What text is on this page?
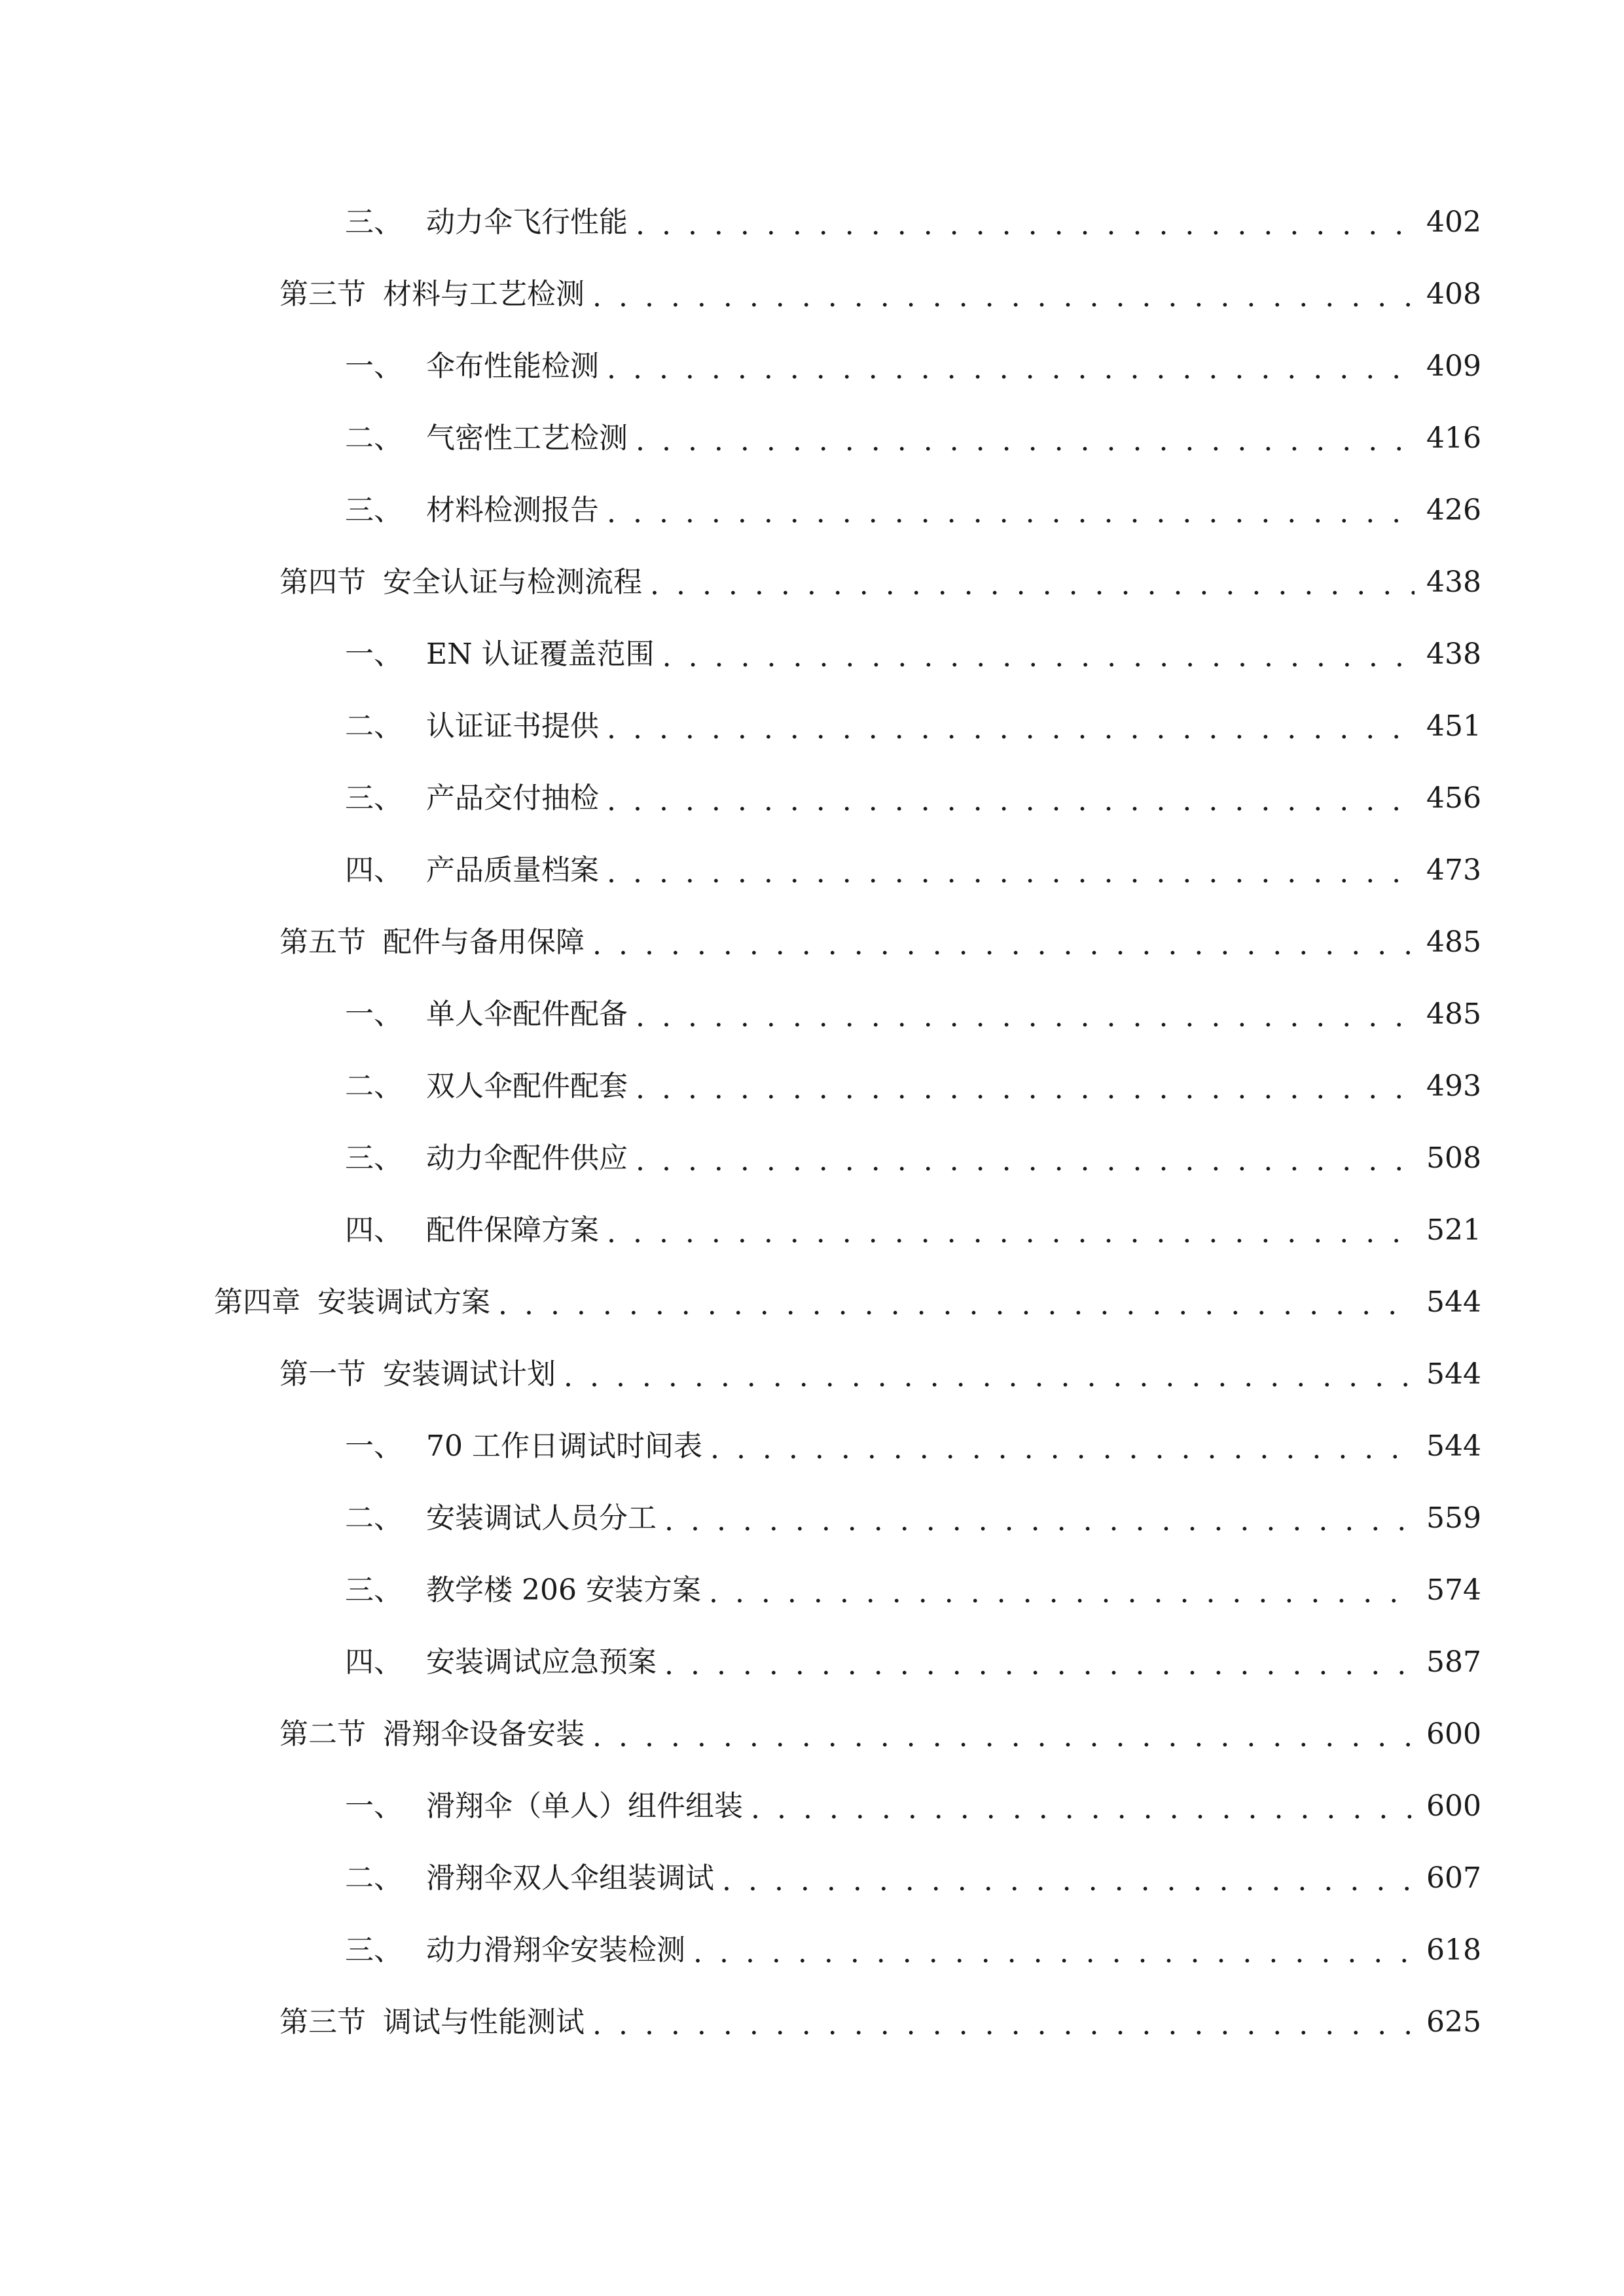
三、 动力伞飞行性能 . . .	402
第三节 材料与工艺检测 . . .	408
一、 伞布性能检测 . . .	409
二、 气密性工艺检测 . . .	416
三、 材料检测报告 . . .	426
第四节 安全认证与检测流程 . . .	438
一、 EN 认证覆盖范围 . . .	438
二、 认证证书提供 . . .	451
三、 产品交付抽检 . . .	456
四、 产品质量档案 . . .	473
第五节 配件与备用保障 . . .	485
一、 单人伞配件配备 . . .	485
二、 双人伞配件配套 . . .	493
三、 动力伞配件供应 . . .	508
四、 配件保障方案 . . .	521
第四章 安装调试方案 . . .	544
第一节 安装调试计划 . . .	544
一、 70 工作日调试时间表 . . .	544
二、 安装调试人员分工 . . .	559
三、 教学楼 206 安装方案 . . .	574
四、 安装调试应急预案 . . .	587
第二节 滑翔伞设备安装 . . .	600
一、 滑翔伞（单人）组件组装 . . .	600
二、 滑翔伞双人伞组装调试 . . .	607
三、 动力滑翔伞安装检测 . . .	618
第三节 调试与性能测试 . . .	625
